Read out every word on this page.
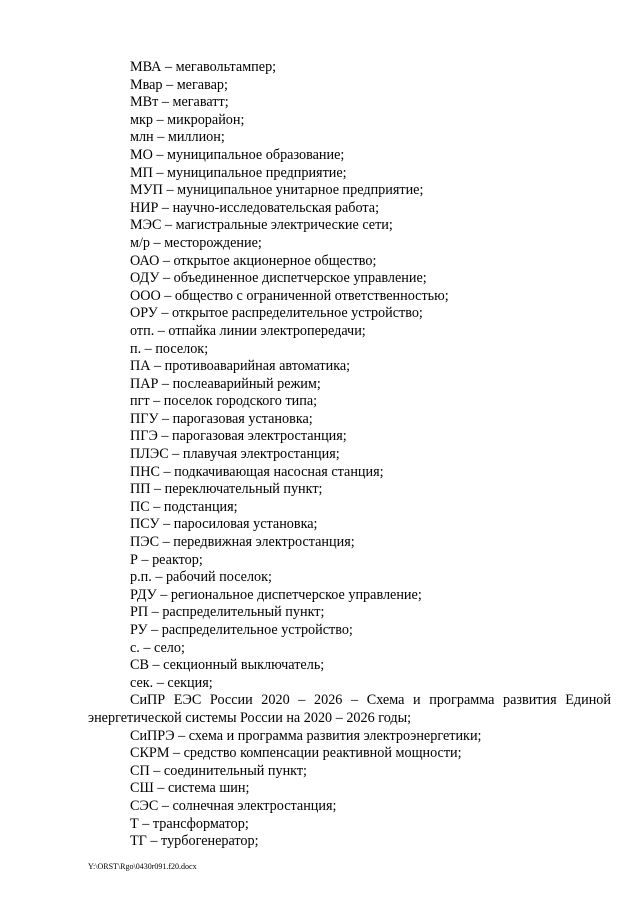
МВА – мегавольтампер;
Мвар – мегавар;
МВт – мегаватт;
мкр – микрорайон;
млн – миллион;
МО – муниципальное образование;
МП – муниципальное предприятие;
МУП – муниципальное унитарное предприятие;
НИР – научно-исследовательская работа;
МЭС – магистральные электрические сети;
м/р – месторождение;
ОАО – открытое акционерное общество;
ОДУ – объединенное диспетчерское управление;
ООО – общество с ограниченной ответственностью;
ОРУ – открытое распределительное устройство;
отп. – отпайка линии электропередачи;
п. – поселок;
ПА – противоаварийная автоматика;
ПАР – послеаварийный режим;
пгт – поселок городского типа;
ПГУ – парогазовая установка;
ПГЭ – парогазовая электростанция;
ПЛЭС – плавучая электростанция;
ПНС – подкачивающая насосная станция;
ПП – переключательный пункт;
ПС – подстанция;
ПСУ – паросиловая установка;
ПЭС – передвижная электростанция;
Р – реактор;
р.п. – рабочий поселок;
РДУ – региональное диспетчерское управление;
РП – распределительный пункт;
РУ – распределительное устройство;
с. – село;
СВ – секционный выключатель;
сек. – секция;
СиПР ЕЭС России 2020 – 2026 – Схема и программа развития Единой энергетической системы России на 2020 – 2026 годы;
СиПРЭ – схема и программа развития электроэнергетики;
СКРМ – средство компенсации реактивной мощности;
СП – соединительный пункт;
СШ – система шин;
СЭС – солнечная электростанция;
Т – трансформатор;
ТГ – турбогенератор;
Y:\ORST\Rgo\0430r091.f20.docx
